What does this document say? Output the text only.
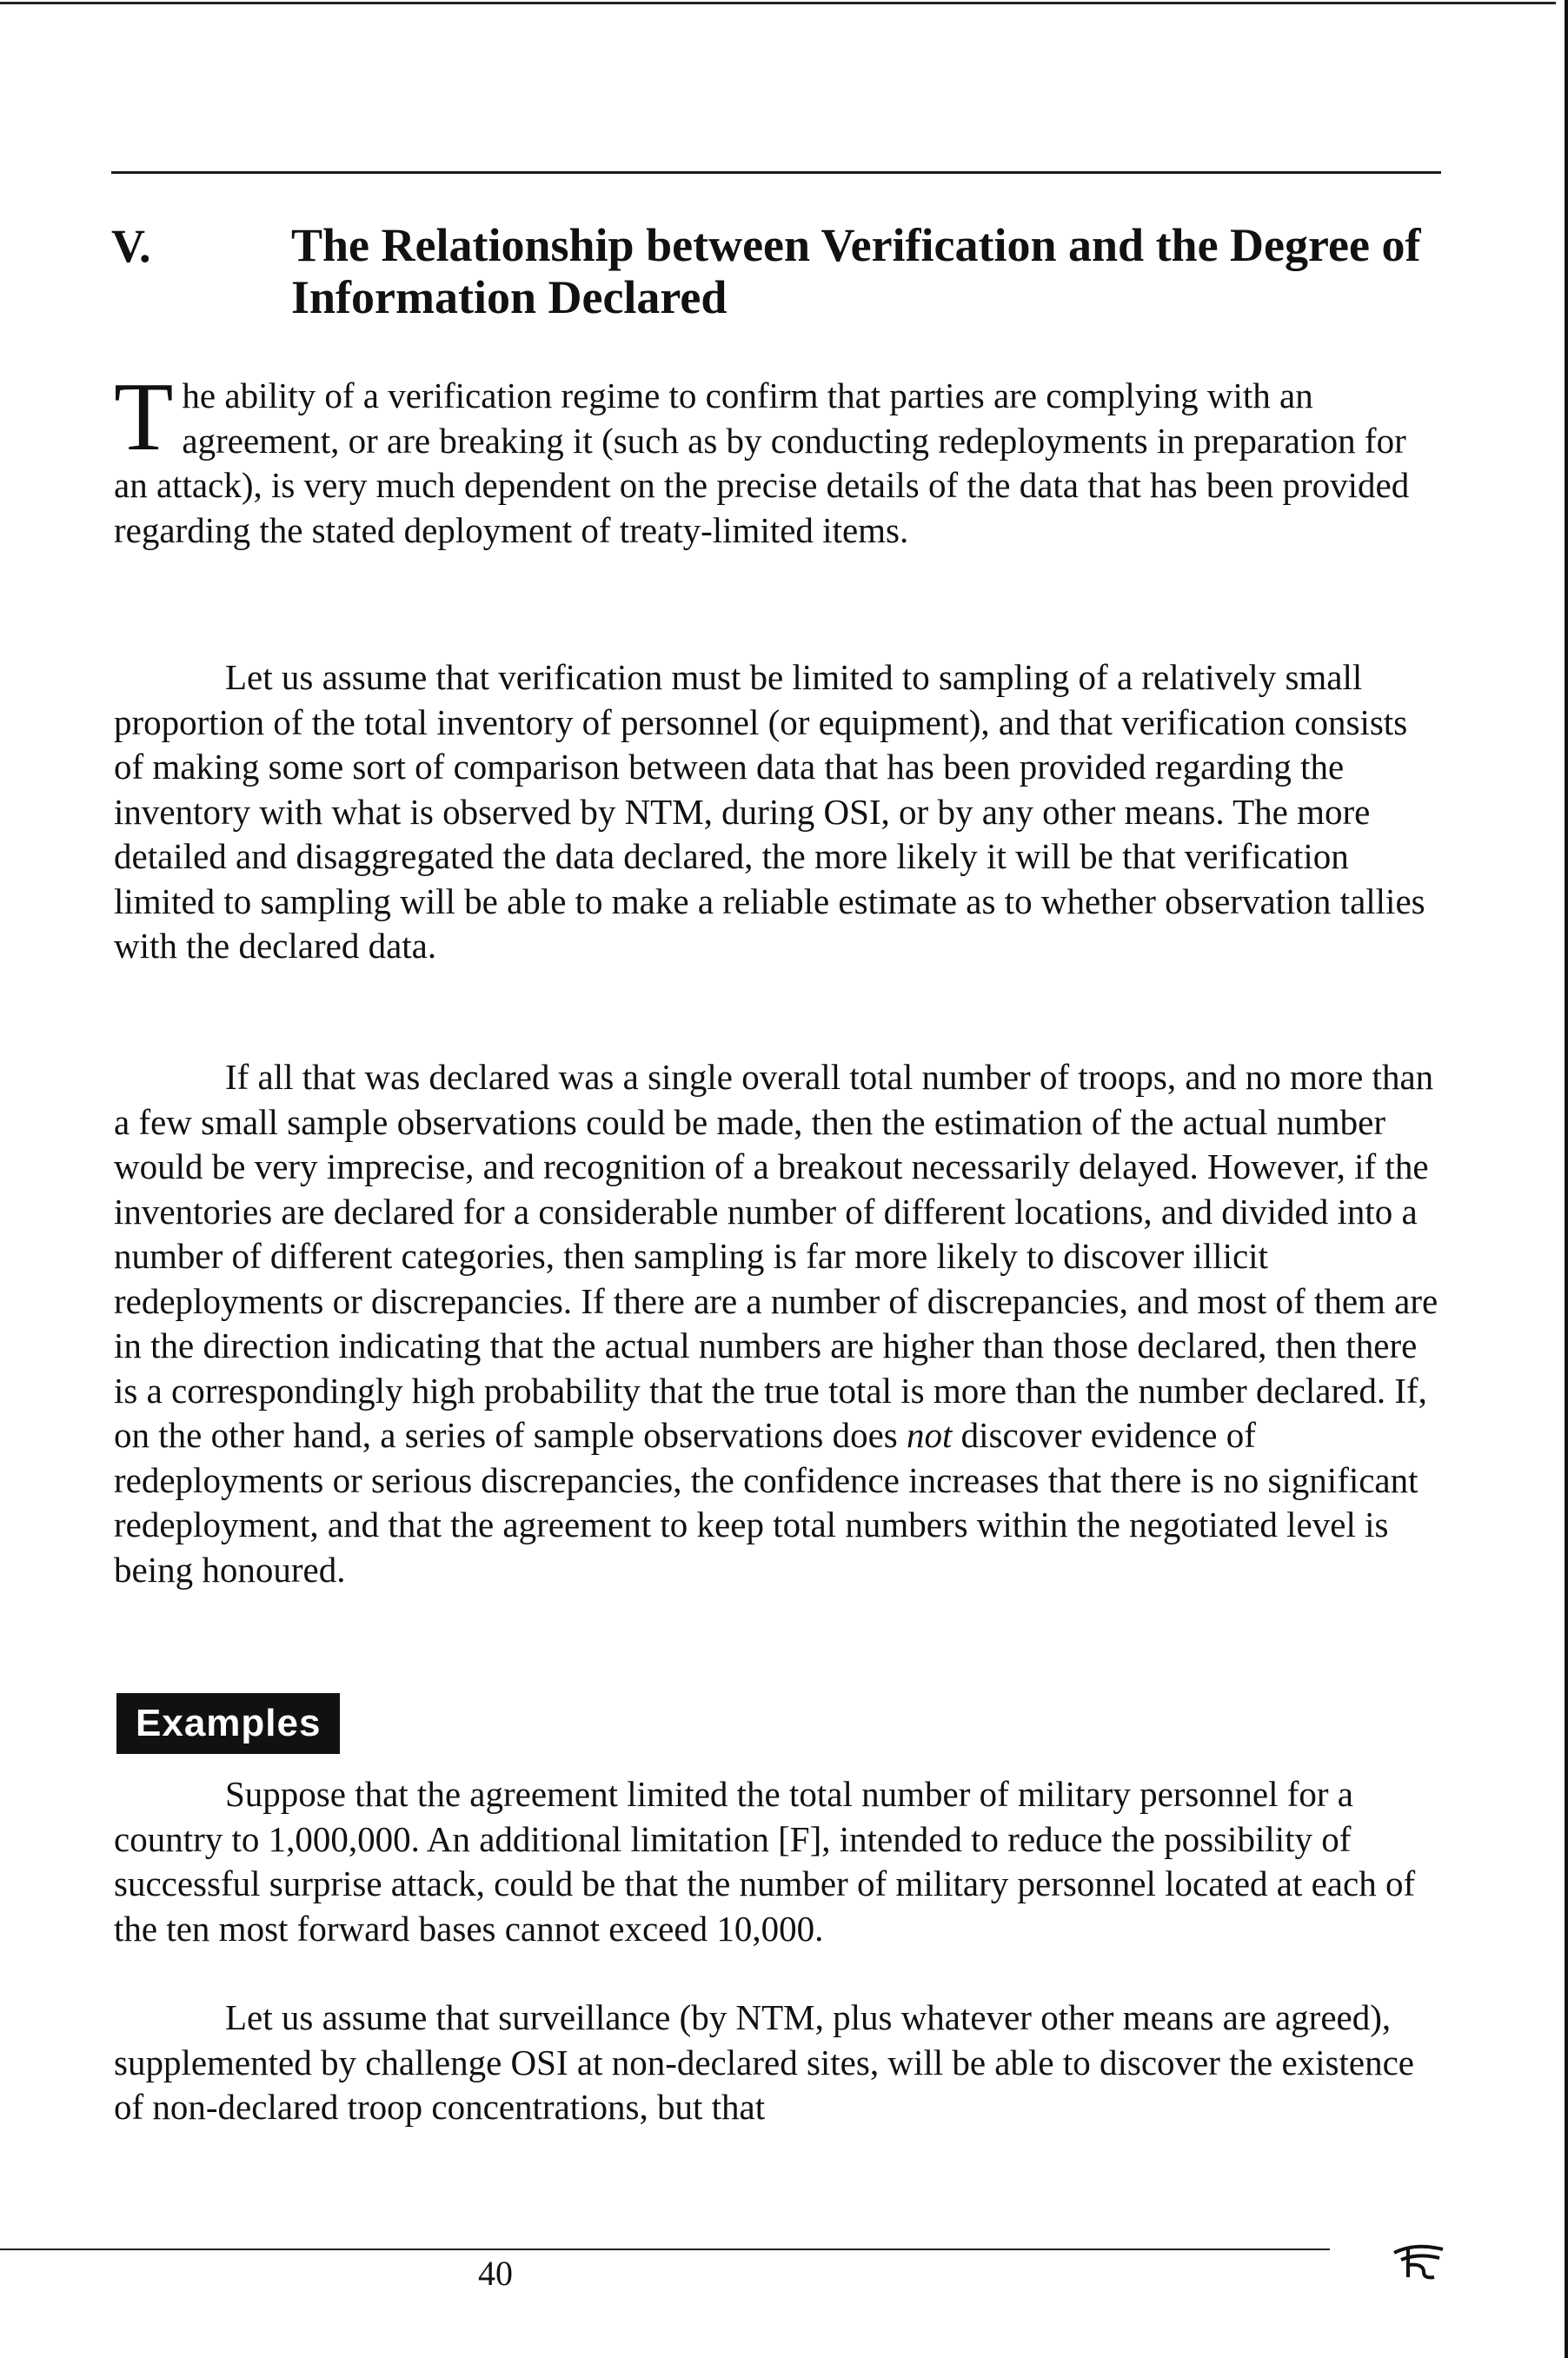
V.	The Relationship between Verification and the Degree of Information Declared

The ability of a verification regime to confirm that parties are complying with an agreement, or are breaking it (such as by conducting redeployments in preparation for an attack), is very much dependent on the precise details of the data that has been provided regarding the stated deployment of treaty-limited items.

Let us assume that verification must be limited to sampling of a relatively small proportion of the total inventory of personnel (or equipment), and that verification consists of making some sort of comparison between data that has been provided regarding the inventory with what is observed by NTM, during OSI, or by any other means. The more detailed and disaggregated the data declared, the more likely it will be that verification limited to sampling will be able to make a reliable estimate as to whether observation tallies with the declared data.

If all that was declared was a single overall total number of troops, and no more than a few small sample observations could be made, then the estimation of the actual number would be very imprecise, and recognition of a breakout necessarily delayed. However, if the inventories are declared for a considerable number of different locations, and divided into a number of different categories, then sampling is far more likely to discover illicit redeployments or discrepancies. If there are a number of discrepancies, and most of them are in the direction indicating that the actual numbers are higher than those declared, then there is a correspondingly high probability that the true total is more than the number declared. If, on the other hand, a series of sample observations does not discover evidence of redeployments or serious discrepancies, the confidence increases that there is no significant redeployment, and that the agreement to keep total numbers within the negotiated level is being honoured.

Examples

Suppose that the agreement limited the total number of military personnel for a country to 1,000,000. An additional limitation [F], intended to reduce the possibility of successful surprise attack, could be that the number of military personnel located at each of the ten most forward bases cannot exceed 10,000.

Let us assume that surveillance (by NTM, plus whatever other means are agreed), supplemented by challenge OSI at non-declared sites, will be able to discover the existence of non-declared troop concentrations, but that

40
